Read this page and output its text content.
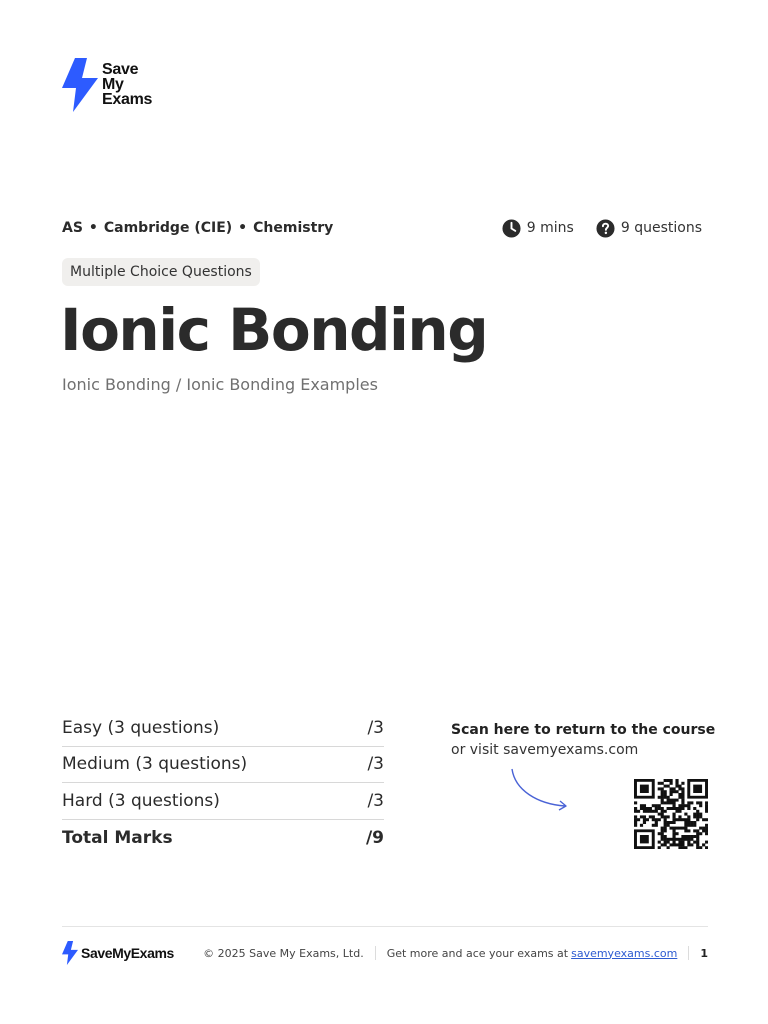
Save
My
Exams
AS • Cambridge (CIE) • Chemistry	9 mins	9 questions
Multiple Choice Questions
Ionic Bonding
Ionic Bonding / Ionic Bonding Examples
Easy (3 questions)	/3
Medium (3 questions)	/3
Hard (3 questions)	/3
Total Marks	/9
Scan here to return to the course
or visit savemyexams.com
SaveMyExams	© 2025 Save My Exams, Ltd. Get more and ace your exams at savemyexams.com 1
